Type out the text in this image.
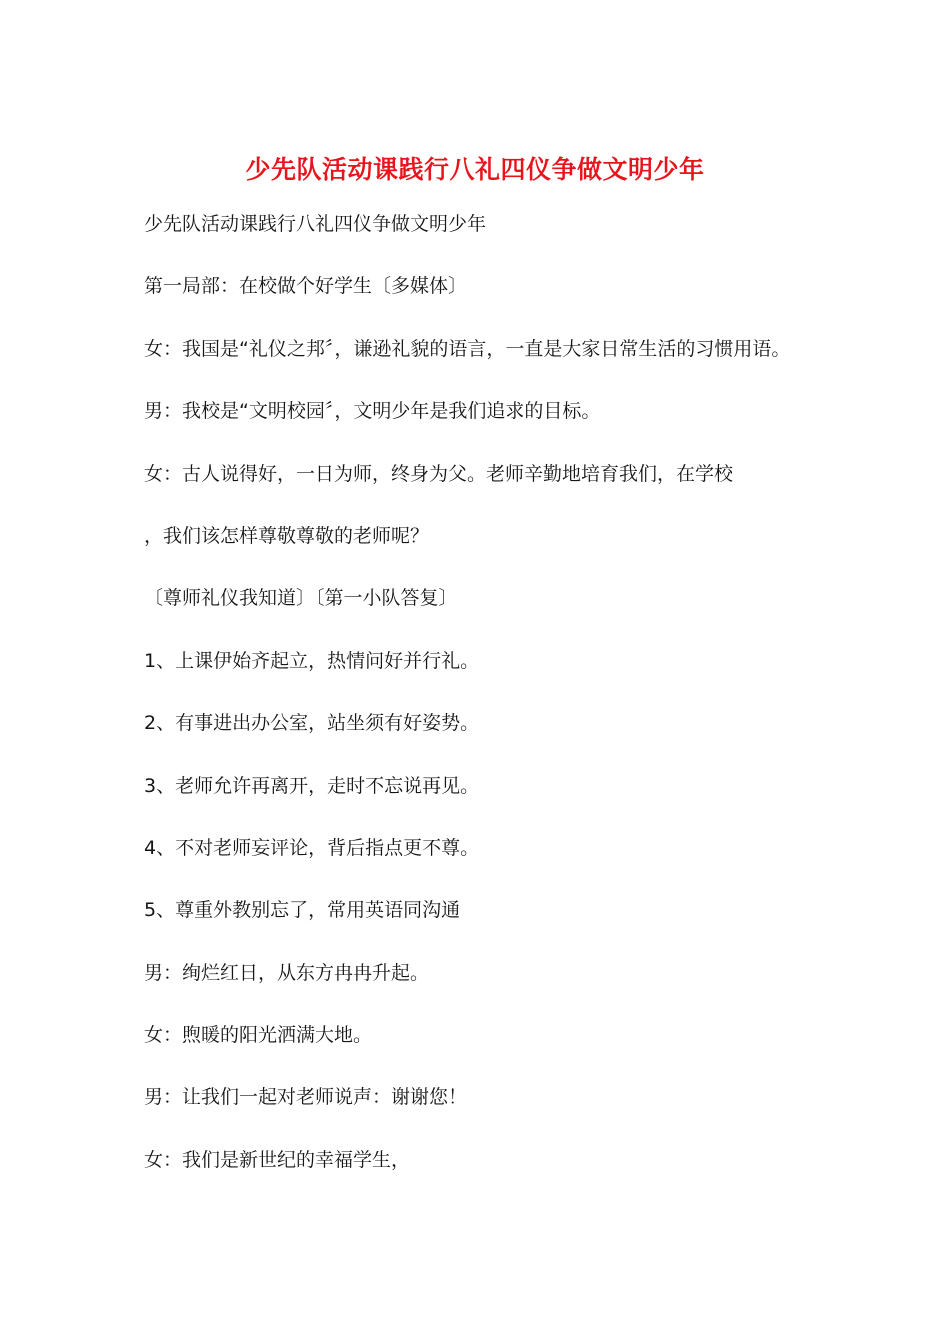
少先队活动课践行八礼四仪争做文明少年
少先队活动课践行八礼四仪争做文明少年
第一局部：在校做个好学生〔多媒体〕
女：我国是“礼仪之邦〞，谦逊礼貌的语言，一直是大家日常生活的习惯用语。
男：我校是“文明校园〞，文明少年是我们追求的目标。
女：古人说得好，一日为师，终身为父。老师辛勤地培育我们，在学校
，我们该怎样尊敬尊敬的老师呢？
〔尊师礼仪我知道〕〔第一小队答复〕
1、上课伊始齐起立，热情问好并行礼。
2、有事进出办公室，站坐须有好姿势。
3、老师允许再离开，走时不忘说再见。
4、不对老师妄评论，背后指点更不尊。
5、尊重外教别忘了，常用英语同沟通
男：绚烂红日，从东方冉冉升起。
女：煦暖的阳光洒满大地。
男：让我们一起对老师说声：谢谢您！
女：我们是新世纪的幸福学生，
